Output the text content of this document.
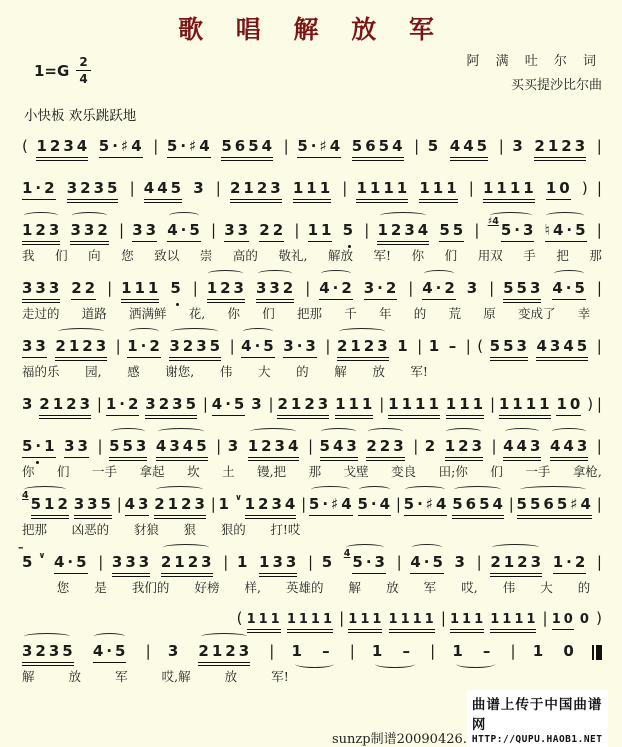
歌 唱 解 放 军
$1=G \frac{2}{4}$	阿 满 吐 尔 词
买买提沙比尔曲
小快板 欢乐跳跃地
( 1234 5·♯4 | 5·♯4 5654 | 5·♯4 5654 | 5 445 | 3 2123 |
1·2 3235 | 445 3 | 2123 111 | 1111 111 | 1111 10 ) |
123 332 | 33 4·5 | 33 22 | 11 5 | 1234 55 | $^{♯4}$ 5·3 ♮4·5 |
我 们 向 您 致以 崇 高的 敬礼, 解放 军! 你 们 用双 手 把 那
333 22 | 111 5 | 123 332 | 4·2 3·2 | 4·2 3 | 553 4·5 |
走过的 道路 洒满鲜 花, 你 们 把那 千 年 的 荒 原 变成了 幸
33 2123 | 1·2 3235 | 4·5 3·3 | 2123 1 | 1 – | ( 553 4345 |
福的乐 园, 感 谢您, 伟 大 的 解 放 军!
3 2123 | 1·2 3235 | 4·5 3 | 2123 111 | 1111 111 | 1111 10 ) |
5·1 33 | 553 4345 | 3 1234 | 543 223 | 2 123 | 443 443 |
你 们 一手 拿起 坎 土 镘,把 那 戈壁 变良 田;你 们 一手 拿枪,
$^4$ 512 335 | 43 2123 | 1 ∨ 1234 | 5·♯4 5·4 | 5·♯4 5654 | 5565♯4 |
把那 凶恶的 豺狼 狠 狠的 打!哎
–
5 ∨ 4·5 | 333 2123 | 1 133 | 5 $^4$ 5·3 | 4·5 3 | 2123 1·2 |
您 是 我们的 好榜 样, 英雄的 解 放 军 哎, 伟 大 的
( 111 1111 | 111 1111 | 111 1111 | 10 0 )
3235 4·5 | 3 2123 | 1 – | 1 – | 1 – | 1 0
解	放	军	哎,解	放	军!
sunzp制谱20090426.
曲谱上传于中国曲谱网
HTTP://QUPU.HAOB1.NET
